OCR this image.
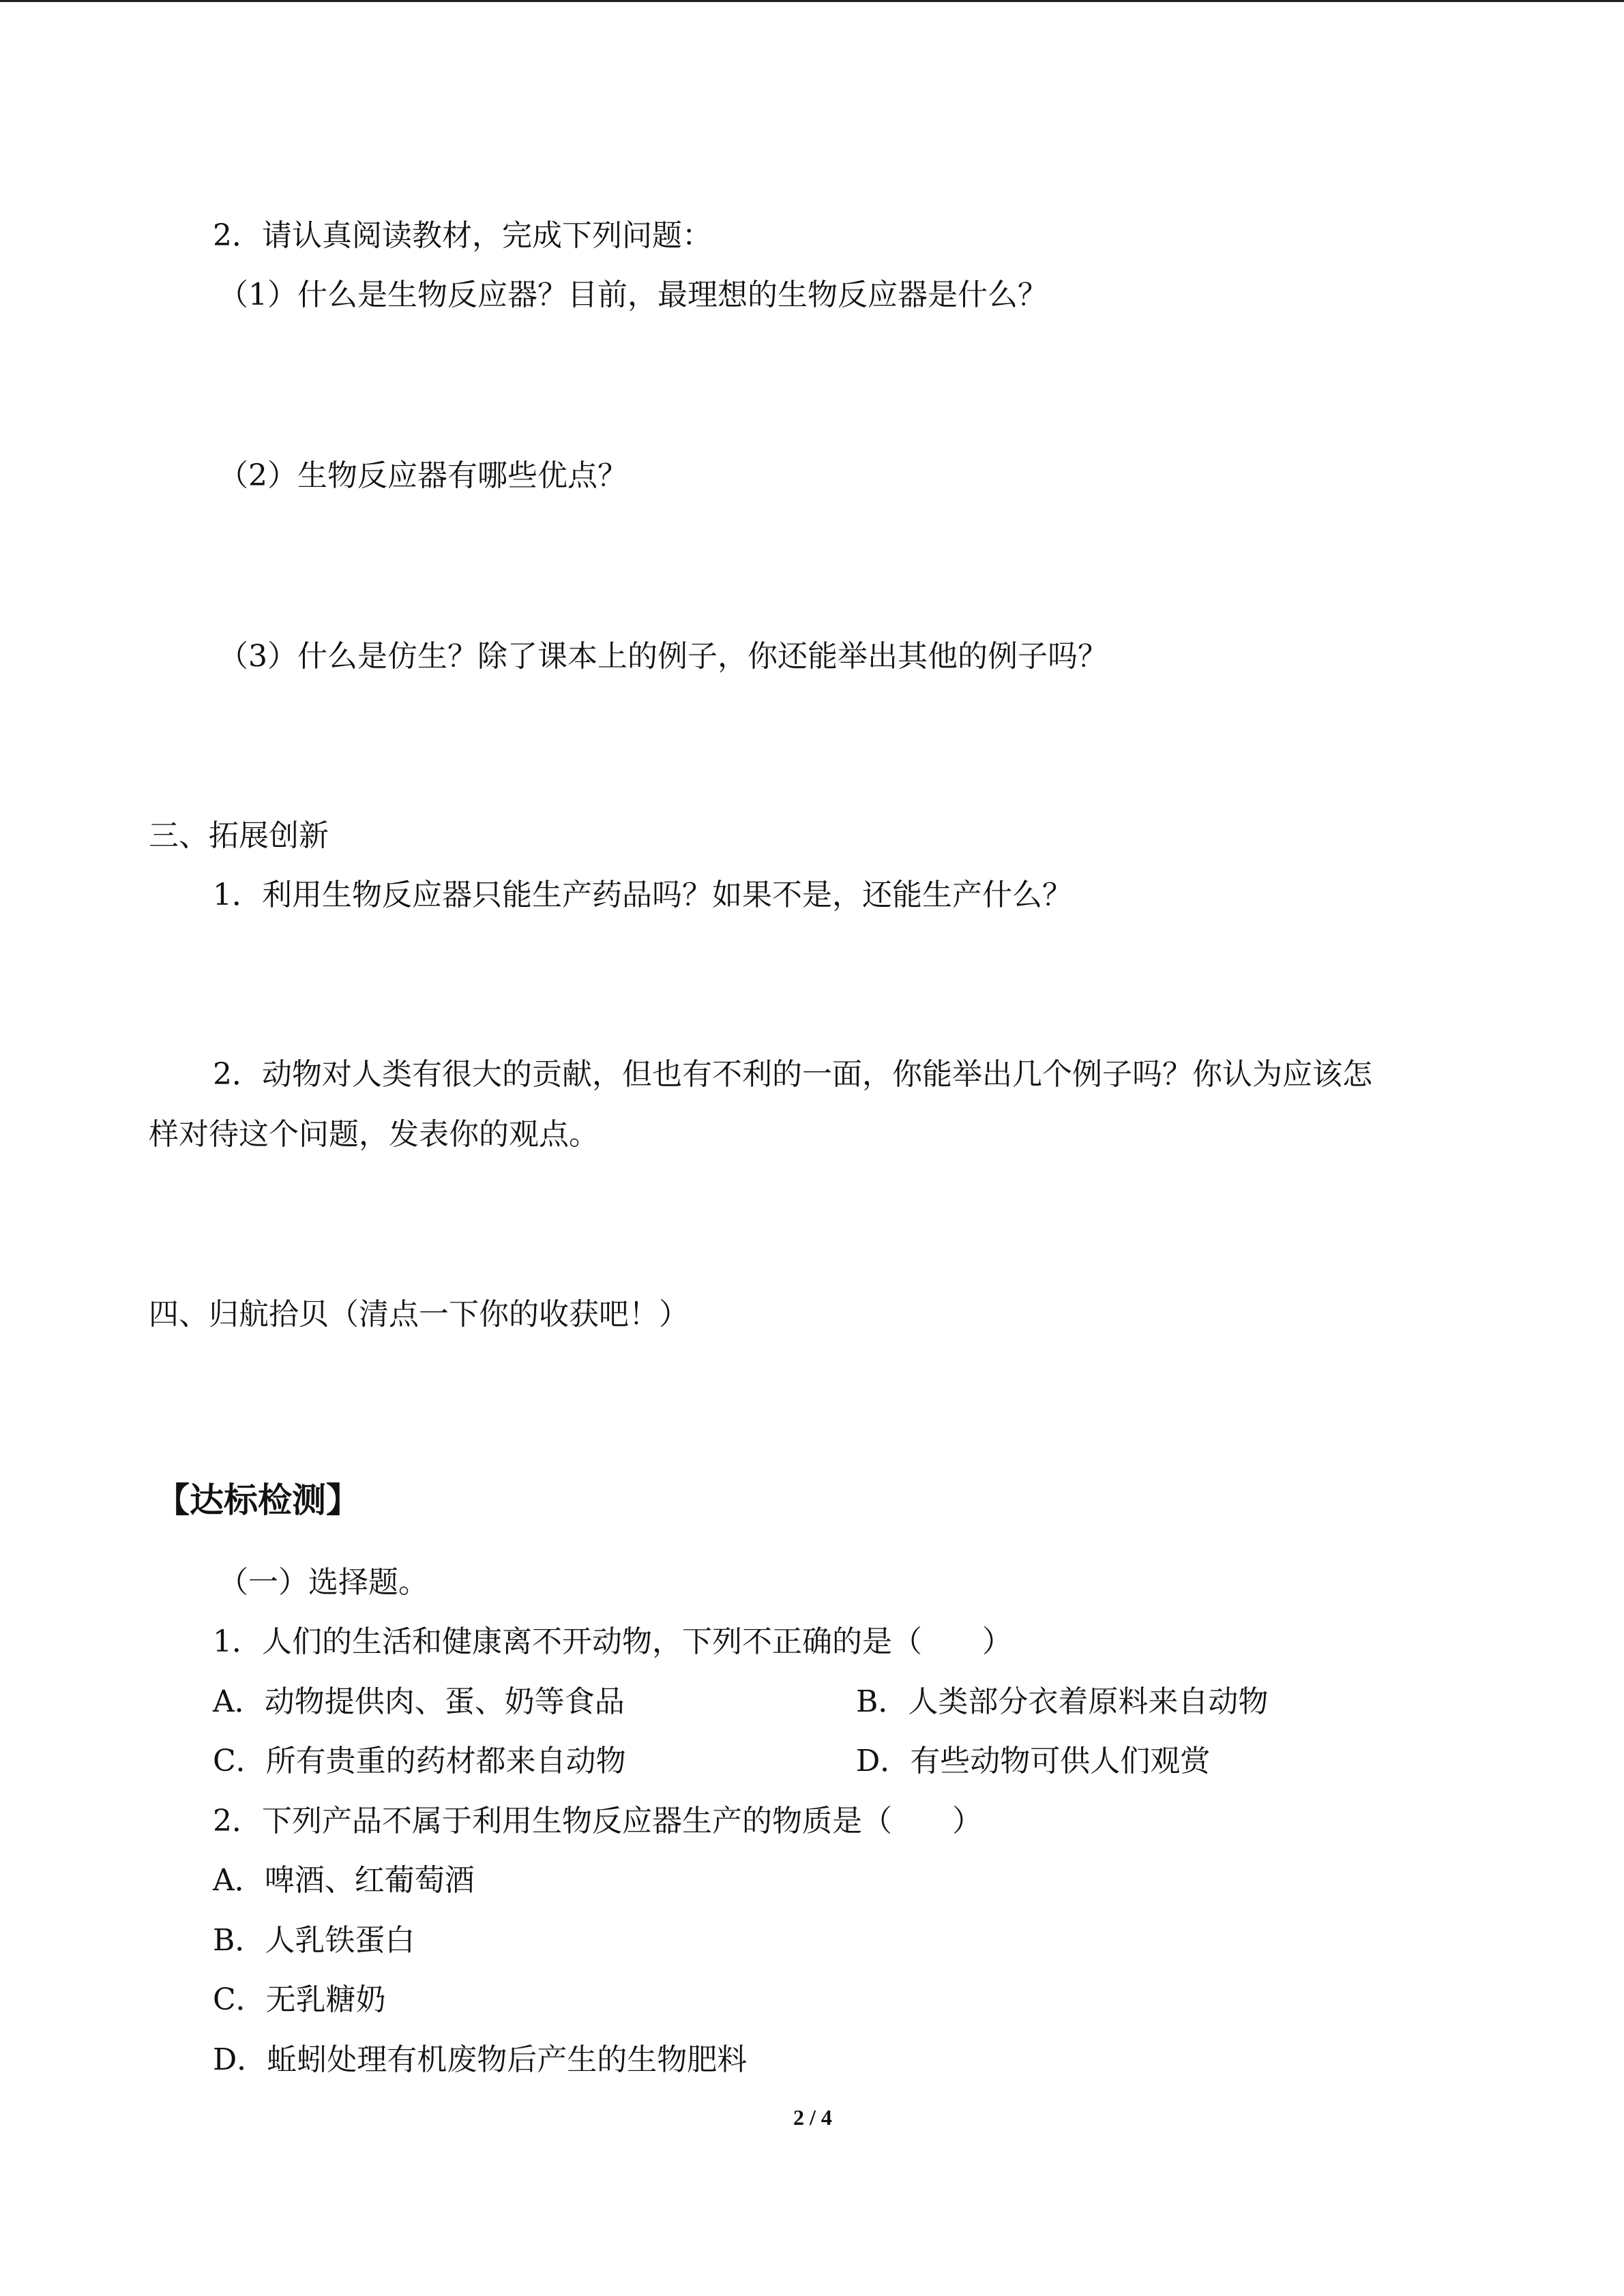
2．请认真阅读教材，完成下列问题：
（1）什么是生物反应器？目前，最理想的生物反应器是什么？
（2）生物反应器有哪些优点？
（3）什么是仿生？除了课本上的例子，你还能举出其他的例子吗？
三、拓展创新
1．利用生物反应器只能生产药品吗？如果不是，还能生产什么？
2．动物对人类有很大的贡献，但也有不利的一面，你能举出几个例子吗？你认为应该怎
样对待这个问题，发表你的观点。
四、归航拾贝（清点一下你的收获吧！）
【达标检测】
（一）选择题。
1．人们的生活和健康离不开动物，下列不正确的是（　　）
A．动物提供肉、蛋、奶等食品	B．人类部分衣着原料来自动物
C．所有贵重的药材都来自动物	D．有些动物可供人们观赏
2．下列产品不属于利用生物反应器生产的物质是（　　）
A．啤酒、红葡萄酒
B．人乳铁蛋白
C．无乳糖奶
D．蚯蚓处理有机废物后产生的生物肥料
2 / 4
